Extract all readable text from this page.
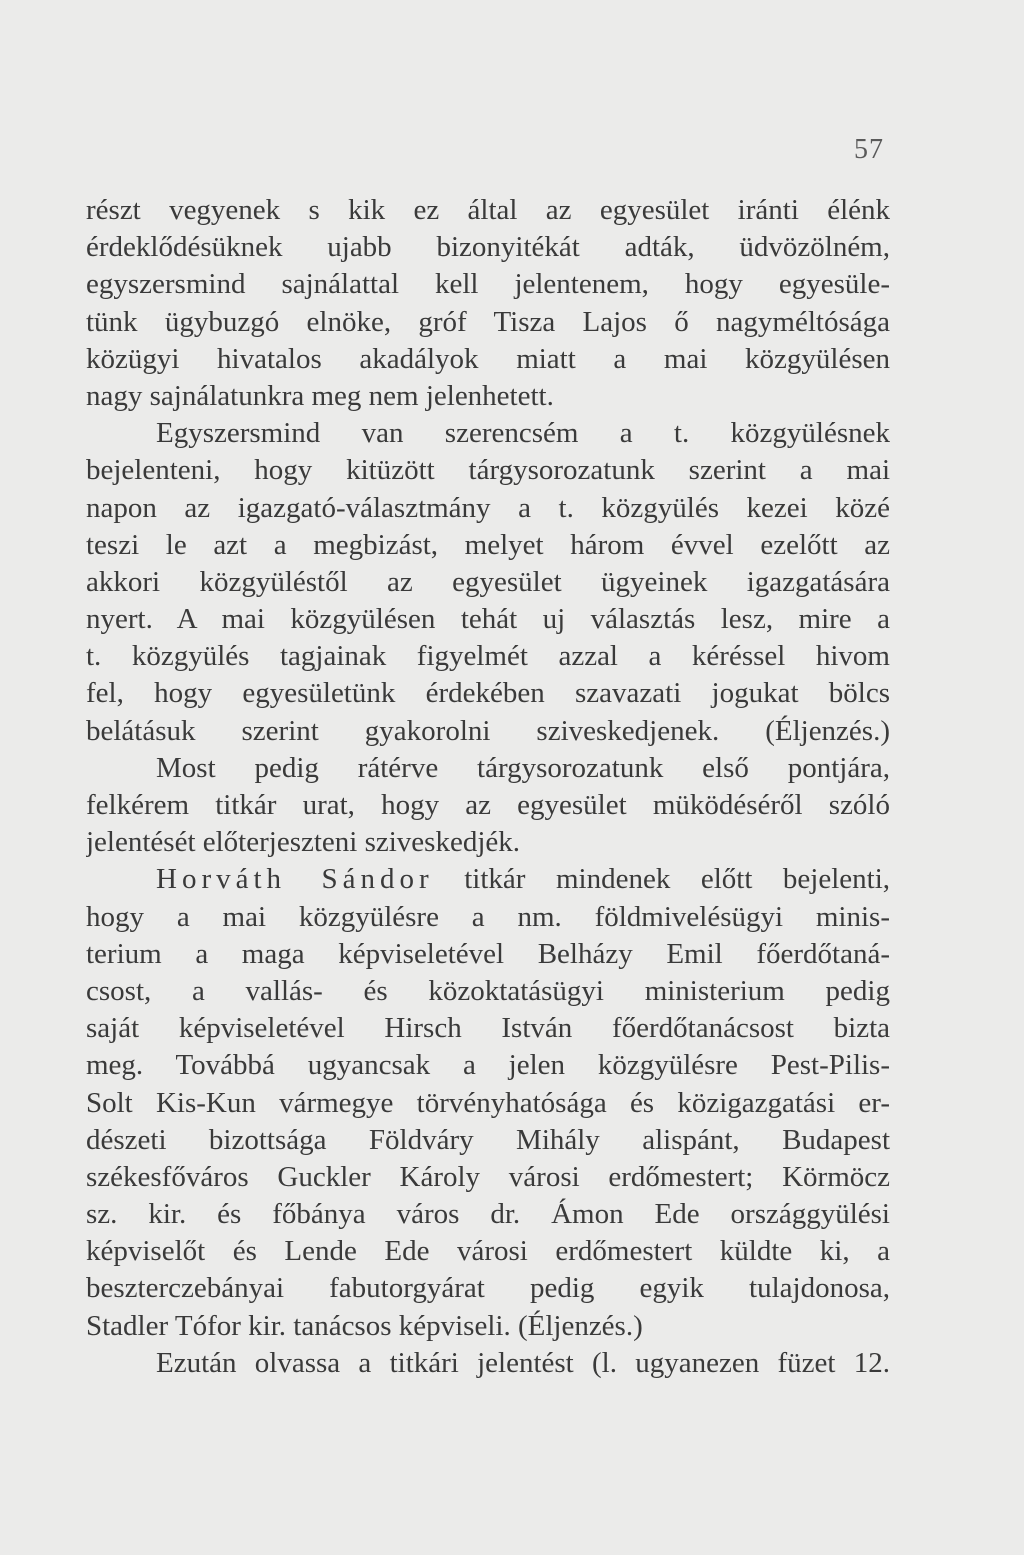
57
részt vegyenek s kik ez által az egyesület iránti élénk
érdeklődésüknek ujabb bizonyitékát adták, üdvözölném,
egyszersmind sajnálattal kell jelentenem, hogy egyesüle-
tünk ügybuzgó elnöke, gróf Tisza Lajos ő nagyméltósága
közügyi hivatalos akadályok miatt a mai közgyülésen
nagy sajnálatunkra meg nem jelenhetett.
Egyszersmind van szerencsém a t. közgyülésnek
bejelenteni, hogy kitüzött tárgysorozatunk szerint a mai
napon az igazgató-választmány a t. közgyülés kezei közé
teszi le azt a megbizást, melyet három évvel ezelőtt az
akkori közgyüléstől az egyesület ügyeinek igazgatására
nyert. A mai közgyülésen tehát uj választás lesz, mire a
t. közgyülés tagjainak figyelmét azzal a kéréssel hivom
fel, hogy egyesületünk érdekében szavazati jogukat bölcs
belátásuk szerint gyakorolni sziveskedjenek. (Éljenzés.)
Most pedig rátérve tárgysorozatunk első pontjára,
felkérem titkár urat, hogy az egyesület müködéséről szóló
jelentését előterjeszteni sziveskedjék.
Horváth Sándor titkár mindenek előtt bejelenti,
hogy a mai közgyülésre a nm. földmivelésügyi minis-
terium a maga képviseletével Belházy Emil főerdőtaná-
csost, a vallás- és közoktatásügyi ministerium pedig
saját képviseletével Hirsch István főerdőtanácsost bizta
meg. Továbbá ugyancsak a jelen közgyülésre Pest-Pilis-
Solt Kis-Kun vármegye törvényhatósága és közigazgatási er-
dészeti bizottsága Földváry Mihály alispánt, Budapest
székesfőváros Guckler Károly városi erdőmestert; Körmöcz
sz. kir. és főbánya város dr. Ámon Ede országgyülési
képviselőt és Lende Ede városi erdőmestert küldte ki, a
beszterczebányai fabutorgyárat pedig egyik tulajdonosa,
Stadler Tófor kir. tanácsos képviseli. (Éljenzés.)
Ezután olvassa a titkári jelentést (l. ugyanezen füzet 12.
